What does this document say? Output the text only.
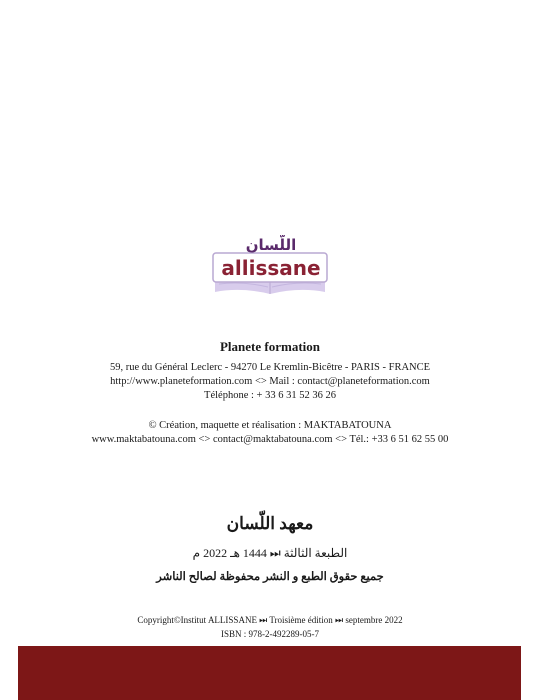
اللّسان
allissane
Planete formation
59, rue du Général Leclerc - 94270 Le Kremlin-Bicêtre - PARIS - FRANCE
http://www.planeteformation.com <> Mail : contact@planeteformation.com
Téléphone : + 33 6 31 52 36 26
© Création, maquette et réalisation : MAKTABATOUNA
www.maktabatouna.com <> contact@maktabatouna.com <> Tél.: +33 6 51 62 55 00
معهد اللّسان
الطبعة الثالثة ⏭ 1444 هـ 2022 م
جميع حقوق الطبع و النشر محفوظة لصالح الناشر
Copyright©Institut ALLISSANE ⏭ Troisième édition ⏭ septembre 2022
ISBN : 978-2-492289-05-7
